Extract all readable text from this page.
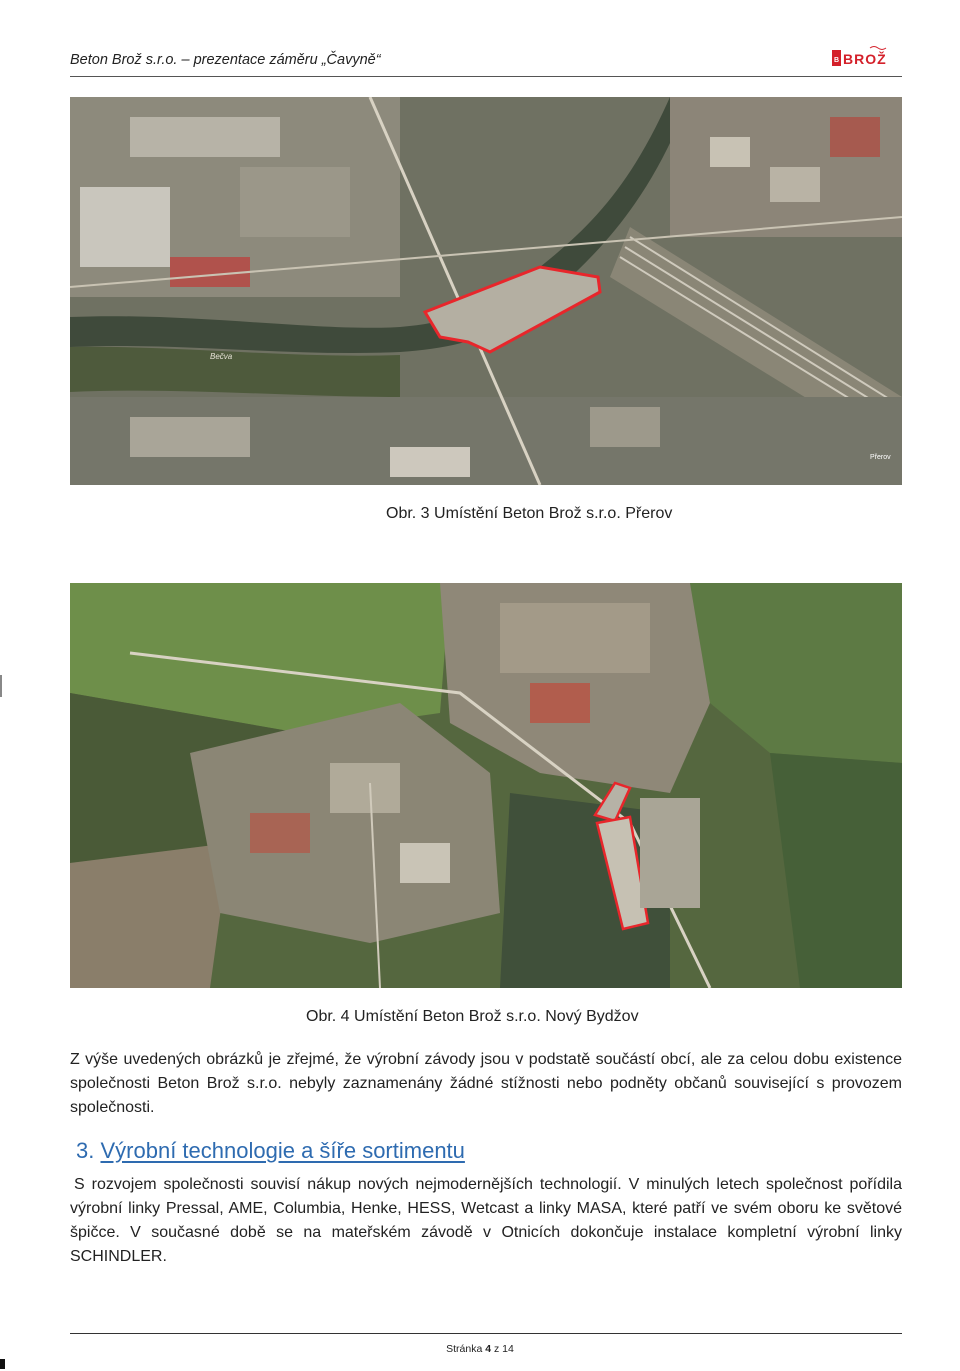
Beton Brož s.r.o. – prezentace záměru „Čavyně“	B BROŽ
Bečva
Přerov
Obr. 3 Umístění Beton Brož s.r.o. Přerov
Obr. 4 Umístění Beton Brož s.r.o. Nový Bydžov
Z výše uvedených obrázků je zřejmé, že výrobní závody jsou v podstatě součástí obcí, ale za celou dobu existence společnosti Beton Brož s.r.o. nebyly zaznamenány žádné stížnosti nebo podněty občanů související s provozem společnosti.
3. Výrobní technologie a šíře sortimentu
S rozvojem společnosti souvisí nákup nových nejmodernějších technologií. V minulých letech společnost pořídila výrobní linky Pressal, AME, Columbia, Henke, HESS, Wetcast a linky MASA, které patří ve svém oboru ke světové špičce. V současné době se na mateřském závodě v Otnicích dokončuje instalace kompletní výrobní linky SCHINDLER.
Stránka 4 z 14
